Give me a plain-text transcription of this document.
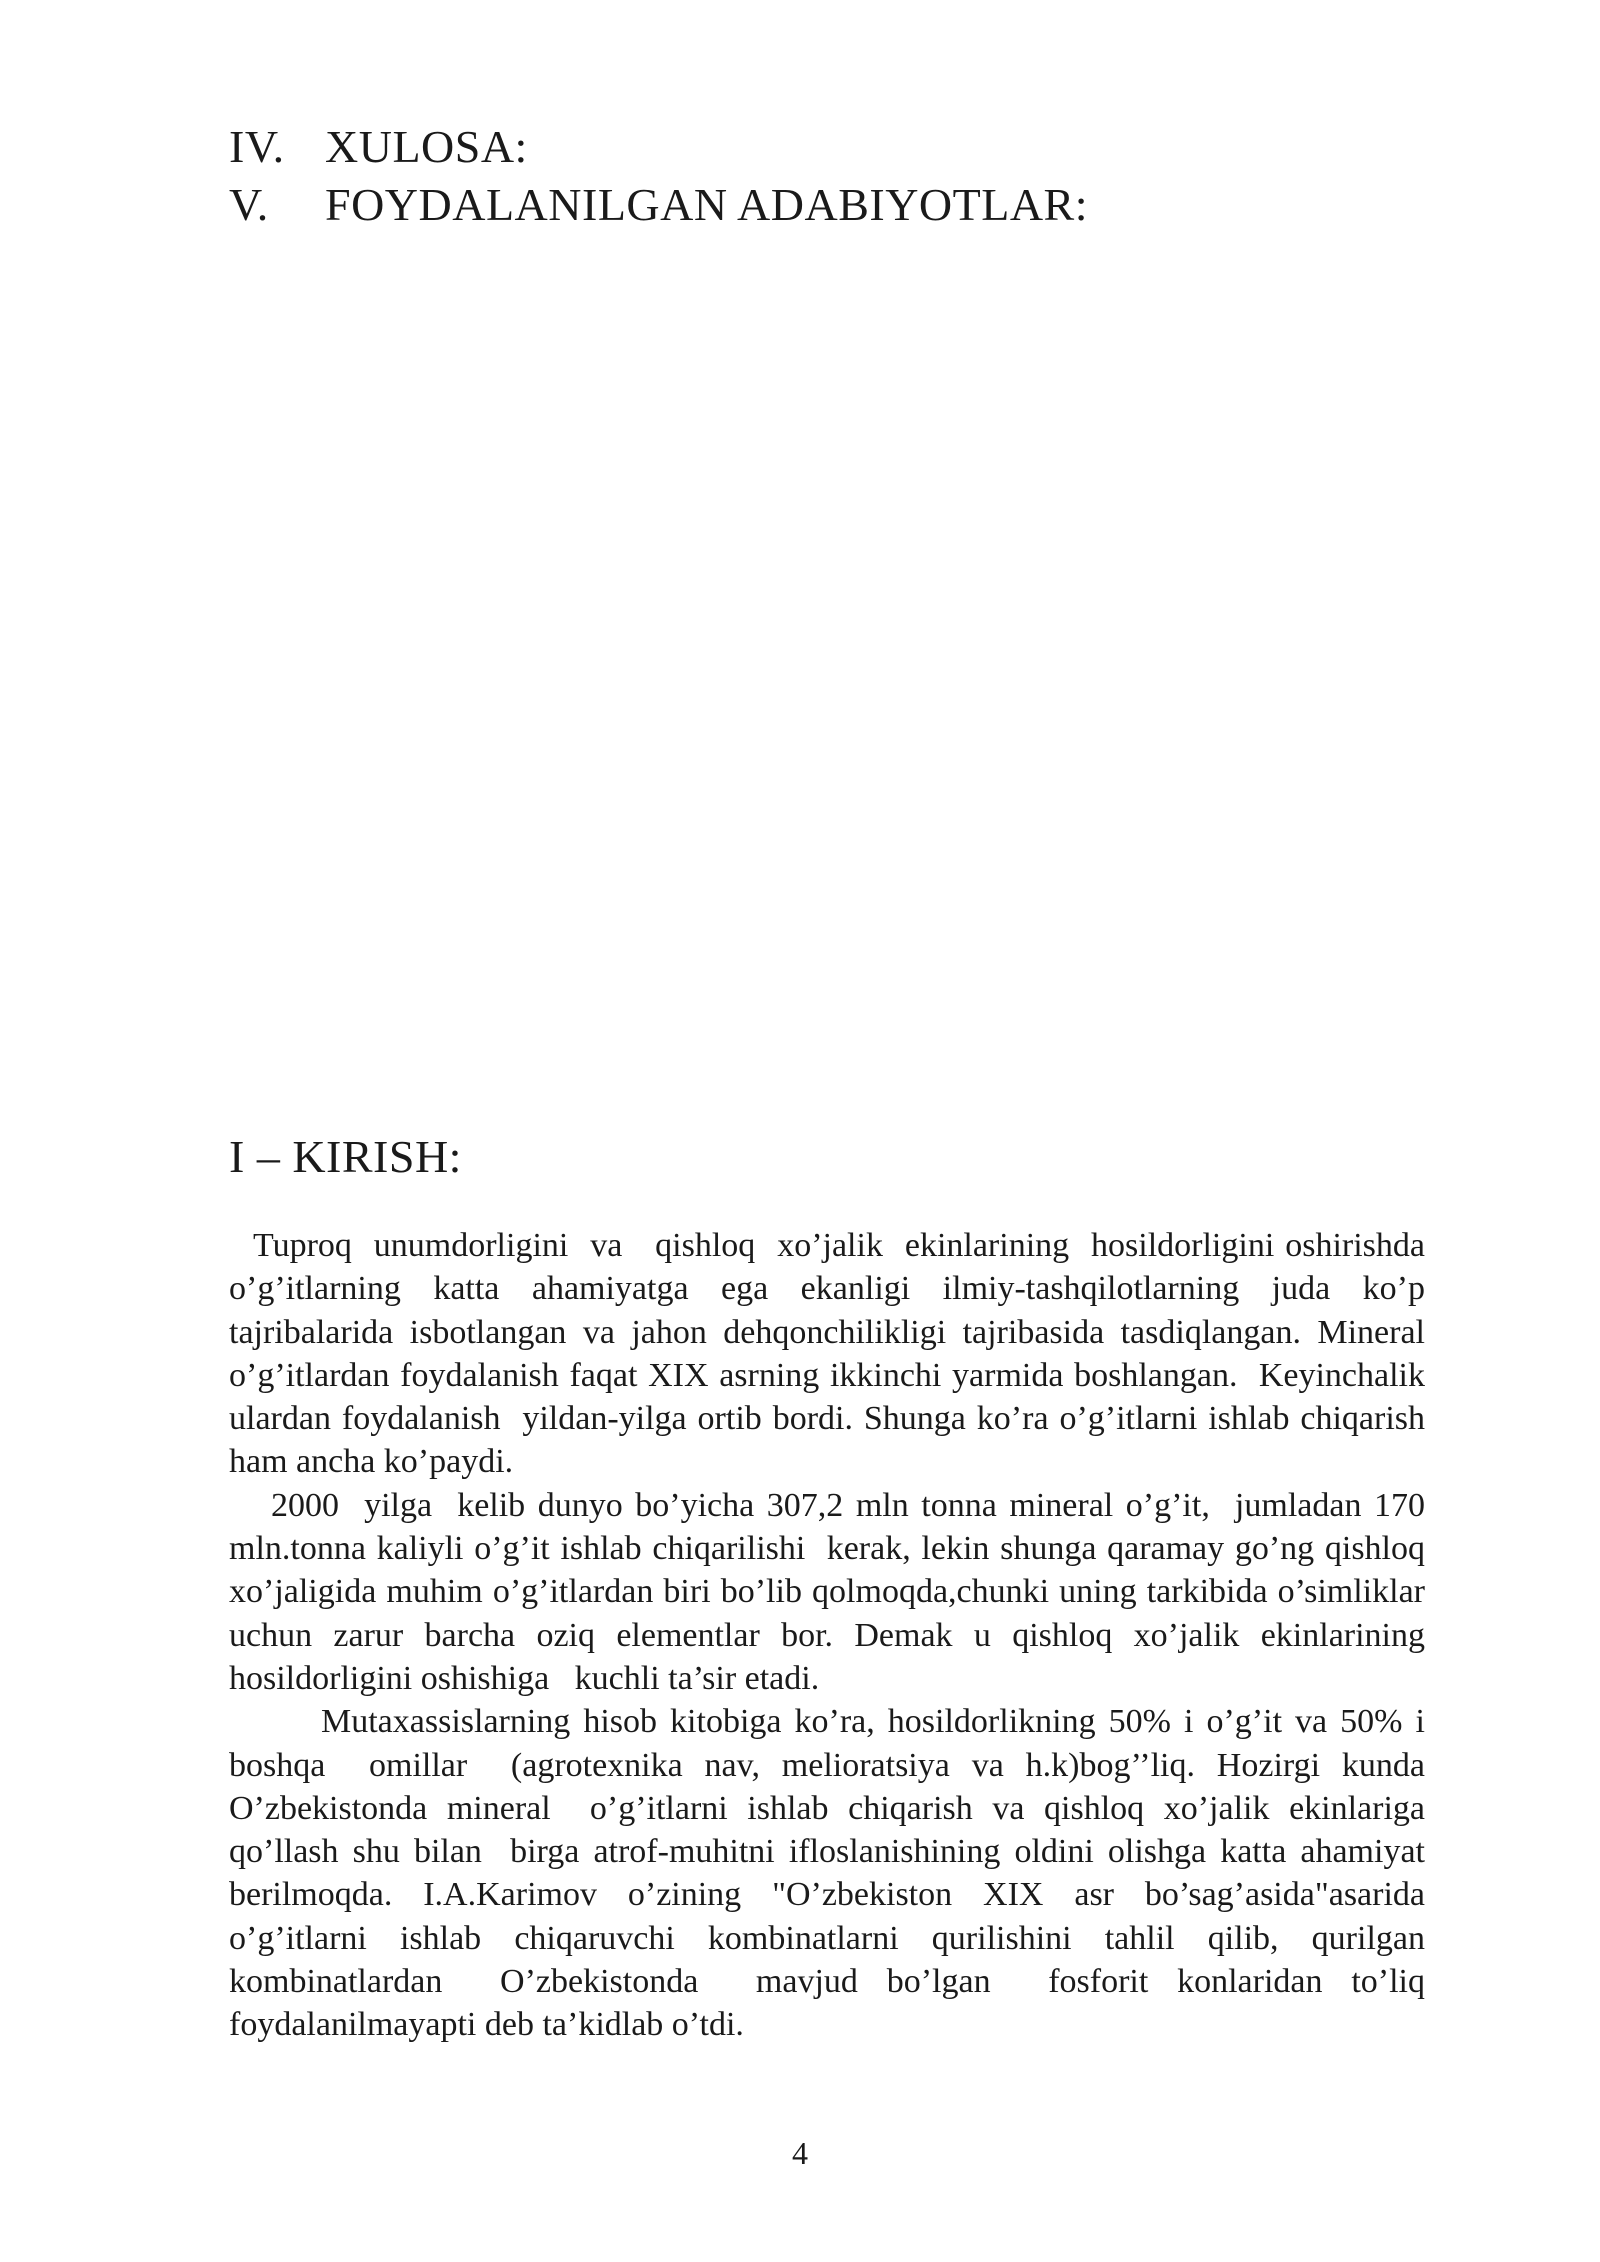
IV. XULOSA:
V.	FOYDALANILGAN ADABIYOTLAR:
I – KIRISH:

Tuproq  unumdorligini  va   qishloq  xo’jalik  ekinlarining  hosildorligini oshirishda o’g’itlarning katta ahamiyatga ega ekanligi ilmiy-tashqilotlarning juda ko’p tajribalarida isbotlangan va jahon dehqonchilikligi tajribasida tasdiqlangan. Mineral o’g’itlardan foydalanish faqat XIX asrning ikkinchi yarmida boshlangan.  Keyinchalik ulardan foydalanish  yildan-yilga ortib bordi. Shunga ko’ra o’g’itlarni ishlab chiqarish ham ancha ko’paydi.

2000  yilga  kelib dunyo bo’yicha 307,2 mln tonna mineral o’g’it,  jumladan 170 mln.tonna kaliyli o’g’it ishlab chiqarilishi  kerak, lekin shunga qaramay go’ng qishloq xo’jaligida muhim o’g’itlardan biri bo’lib qolmoqda,chunki uning tarkibida o’simliklar uchun zarur barcha oziq elementlar bor. Demak u qishloq xo’jalik ekinlarining hosildorligini oshishiga   kuchli ta’sir etadi.

Mutaxassislarning hisob kitobiga ko’ra, hosildorlikning 50% i o’g’it va 50% i boshqa  omillar  (agrotexnika nav, melioratsiya va h.k)bog’’liq. Hozirgi kunda O’zbekistonda mineral  o’g’itlarni ishlab chiqarish va qishloq xo’jalik ekinlariga qo’llash shu bilan  birga atrof-muhitni ifloslanishining oldini olishga katta ahamiyat berilmoqda. I.A.Karimov o’zining "O’zbekiston XIX asr bo’sag’asida"asarida o’g’itlarni ishlab chiqaruvchi kombinatlarni qurilishini tahlil qilib, qurilgan kombinatlardan  O’zbekistonda  mavjud bo’lgan  fosforit konlaridan to’liq foydalanilmayapti deb ta’kidlab o’tdi.

4
